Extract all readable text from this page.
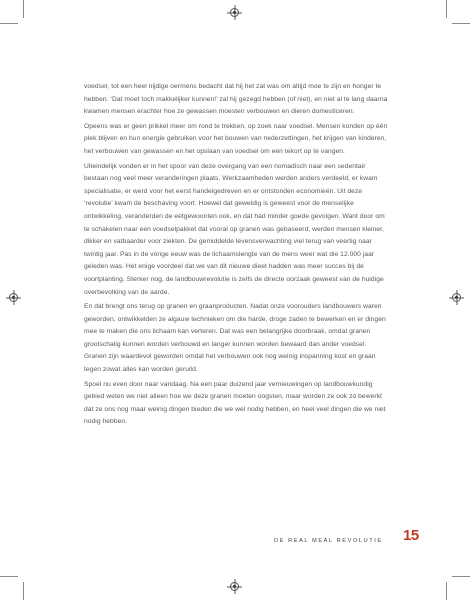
voedsel, tot een heel nijdige oermens bedacht dat hij het zat was om altijd moe te zijn en honger te hebben. ‘Dat moet toch makkelijker kunnen!’ zal hij gezegd hebben (of niet), en niet al te lang daarna kwamen mensen erachter hoe ze gewassen moesten verbouwen en dieren domesticeren.

Opeens was er geen prikkel meer om rond te trekken, op zoek naar voedsel. Mensen konden op één plek blijven en hun energie gebruiken voor het bouwen van nederzettingen, het krijgen van kinderen, het verbouwen van gewassen en het opslaan van voedsel om een tekort op te vangen.

Uiteindelijk vonden er in het spoor van deze overgang van een nomadisch naar een sedentair bestaan nog veel meer veranderingen plaats. Werkzaamheden werden anders verdeeld, er kwam specialisatie, er werd voor het eerst handelgedreven en er ontstonden economieën. Uit deze ‘revolutie’ kwam de beschaving voort. Hoewel dat geweldig is geweest voor de menselijke ontwikkeling, veranderden de eetgewoonten ook, en dat had minder goede gevolgen. Want door om te schakelen naar een voedselpakket dat vooral op granen was gebaseerd, werden mensen kleiner, dikker en vatbaarder voor ziekten. De gemiddelde levensverwachting viel terug van veertig naar twintig jaar. Pas in de vorige eeuw was de lichaamslengte van de mens weer wat die 12.000 jaar geleden was. Het enige voordeel dat we van dit nieuwe dieet hadden was meer succes bij de voortplanting. Sterker nog, de landbouwrevolutie is zelfs de directe oorzaak geweest van de huidige overbevolking van de aarde.

En dat brengt ons terug op granen en graanproducten. Nadat onze voorouders landbouwers waren geworden, ontwikkelden ze algauw technieken om die harde, droge zaden te bewerken en er dingen mee te maken die ons lichaam kan verteren. Dat was een belangrijke doorbraak, omdat granen grootschalig kunnen worden verbouwd en langer kunnen worden bewaard dan ander voedsel. Granen zijn waardevol geworden omdat het verbouwen ook nog weinig inspanning kost en graan tegen zowat alles kan worden geruild.

Spoel nu even door naar vandaag. Na een paar duizend jaar vernieuwingen op landbouwkundig gebied weten we niet alleen hoe we deze granen moeten oogsten, maar worden ze ook zó bewerkt dat ze ons nog maar weinig dingen bieden die we wel nodig hebben, en heel veel dingen die we niet nodig hebben.

DE REAL MEAL REVOLUTIE 15
